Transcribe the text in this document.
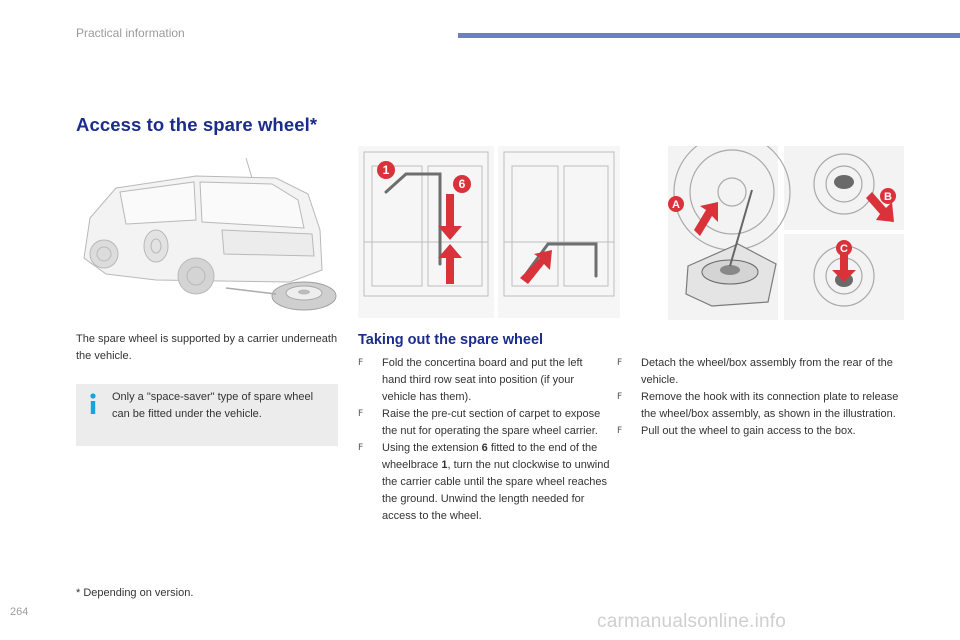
Practical information
Access to the spare wheel*
1
6
A
B
C
The spare wheel is supported by a carrier underneath the vehicle.
Only a "space-saver" type of spare wheel can be fitted under the vehicle.
Taking out the spare wheel
F Fold the concertina board and put the left hand third row seat into position (if your vehicle has them).
F Raise the pre-cut section of carpet to expose the nut for operating the spare wheel carrier.
F Using the extension 6 fitted to the end of the wheelbrace 1, turn the nut clockwise to unwind the carrier cable until the spare wheel reaches the ground. Unwind the length needed for access to the wheel.
F Detach the wheel/box assembly from the rear of the vehicle.
F Remove the hook with its connection plate to release the wheel/box assembly, as shown in the illustration.
F Pull out the wheel to gain access to the box.
* Depending on version.
264	carmanualsonline.info
